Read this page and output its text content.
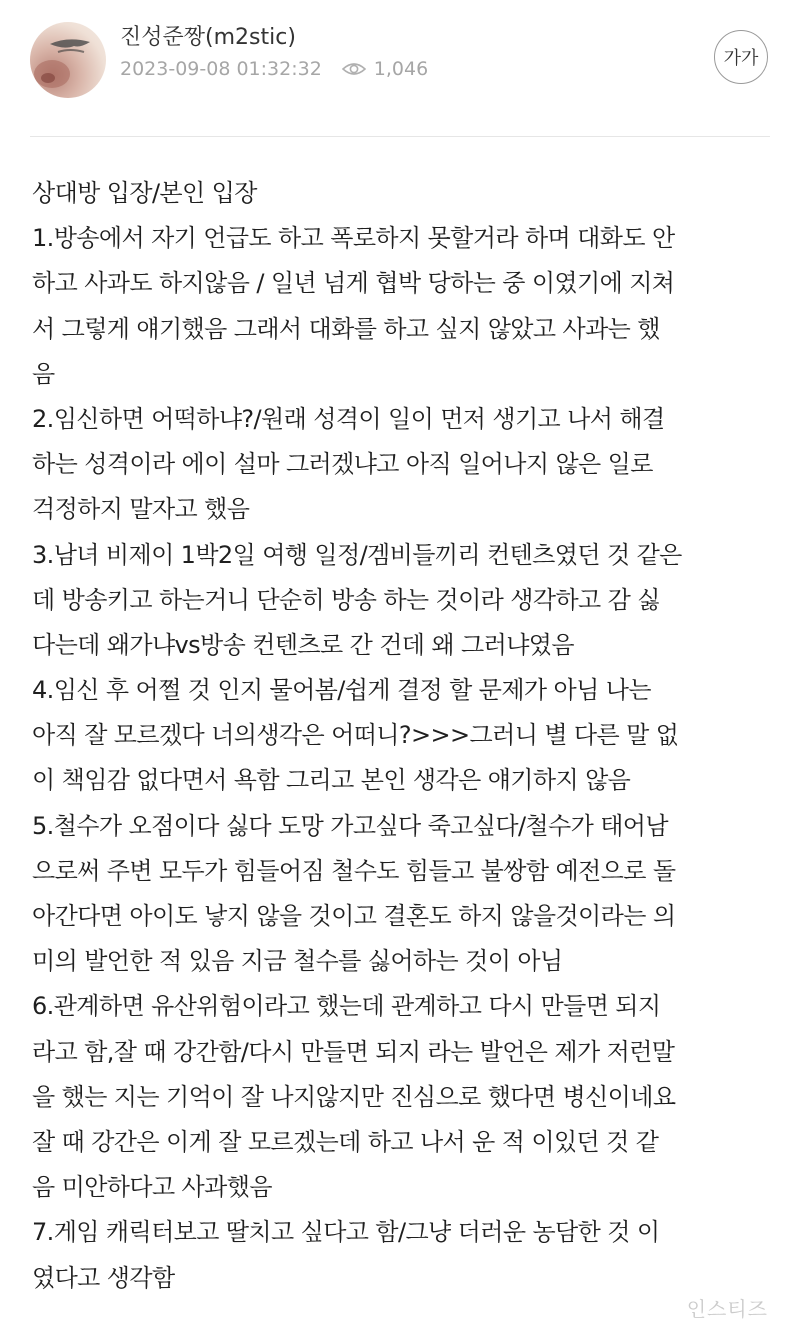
진성준짱(m2stic)
2023-09-08 01:32:32	1,046	가가
상대방 입장/본인 입장
1.방송에서 자기 언급도 하고 폭로하지 못할거라 하며 대화도 안
하고 사과도 하지않음 / 일년 넘게 협박 당하는 중 이였기에 지쳐
서 그렇게 얘기했음 그래서 대화를 하고 싶지 않았고 사과는 했
음
2.임신하면 어떡하냐?/원래 성격이 일이 먼저 생기고 나서 해결
하는 성격이라 에이 설마 그러겠냐고 아직 일어나지 않은 일로
걱정하지 말자고 했음
3.남녀 비제이 1박2일 여행 일정/겜비들끼리 컨텐츠였던 것 같은
데 방송키고 하는거니 단순히 방송 하는 것이라 생각하고 감 싫
다는데 왜가냐vs방송 컨텐츠로 간 건데 왜 그러냐였음
4.임신 후 어쩔 것 인지 물어봄/쉽게 결정 할 문제가 아님 나는
아직 잘 모르겠다 너의생각은 어떠니?>>>그러니 별 다른 말 없
이 책임감 없다면서 욕함 그리고 본인 생각은 얘기하지 않음
5.철수가 오점이다 싫다 도망 가고싶다 죽고싶다/철수가 태어남
으로써 주변 모두가 힘들어짐 철수도 힘들고 불쌍함 예전으로 돌
아간다면 아이도 낳지 않을 것이고 결혼도 하지 않을것이라는 의
미의 발언한 적 있음 지금 철수를 싫어하는 것이 아님
6.관계하면 유산위험이라고 했는데 관계하고 다시 만들면 되지
라고 함,잘 때 강간함/다시 만들면 되지 라는 발언은 제가 저런말
을 했는 지는 기억이 잘 나지않지만 진심으로 했다면 병신이네요
잘 때 강간은 이게 잘 모르겠는데 하고 나서 운 적 이있던 것 같
음 미안하다고 사과했음
7.게임 캐릭터보고 딸치고 싶다고 함/그냥 더러운 농담한 것 이
였다고 생각함
인스티즈
